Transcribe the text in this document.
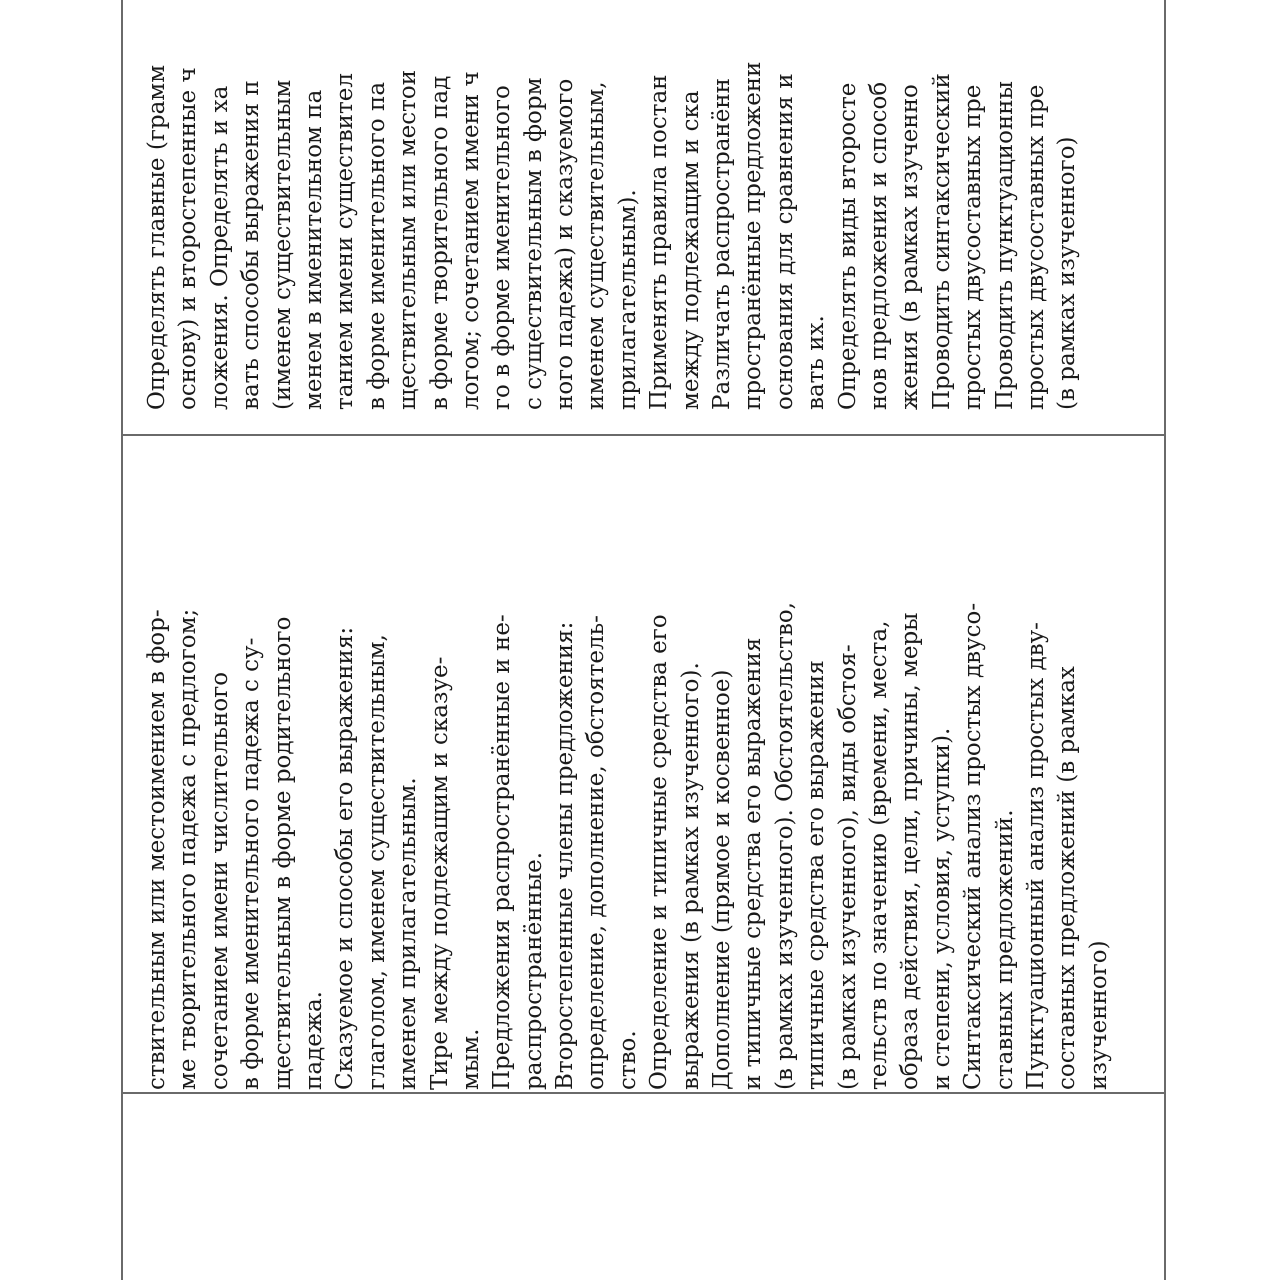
Определять главные (грамм основу) и второстепенные ч ложения. Определять и ха вать способы выражения п (именем существительным менем в именительном па танием имени существител в форме именительного па ществительным или местои в форме творительного пад логом; сочетанием имени ч го в форме именительного с существительным в форм ного падежа) и сказуемого именем существительным, прилагательным). Применять правила постан между подлежащим и ска Различать распространённ пространённые предложени основания для сравнения и вать их. Определять виды второсте нов предложения и способ жения (в рамках изученно Проводить синтаксический простых двусоставных пре Проводить пунктуационны простых двусоставных пре (в рамках изученного)
ствительным или местоимением в фор- ме творительного падежа с предлогом; сочетанием имени числительного в форме именительного падежа с су- ществительным в форме родительного падежа. Сказуемое и способы его выражения: глаголом, именем существительным, именем прилагательным. Тире между подлежащим и сказуе- мым. Предложения распространённые и не- распространённые. Второстепенные члены предложения: определение, дополнение, обстоятель- ство. Определение и типичные средства его выражения (в рамках изученного). Дополнение (прямое и косвенное) и типичные средства его выражения (в рамках изученного). Обстоятельство, типичные средства его выражения (в рамках изученного), виды обстоя- тельств по значению (времени, места, образа действия, цели, причины, меры и степени, условия, уступки). Синтаксический анализ простых двусо- ставных предложений. Пунктуационный анализ простых дву- составных предложений (в рамках изученного)
